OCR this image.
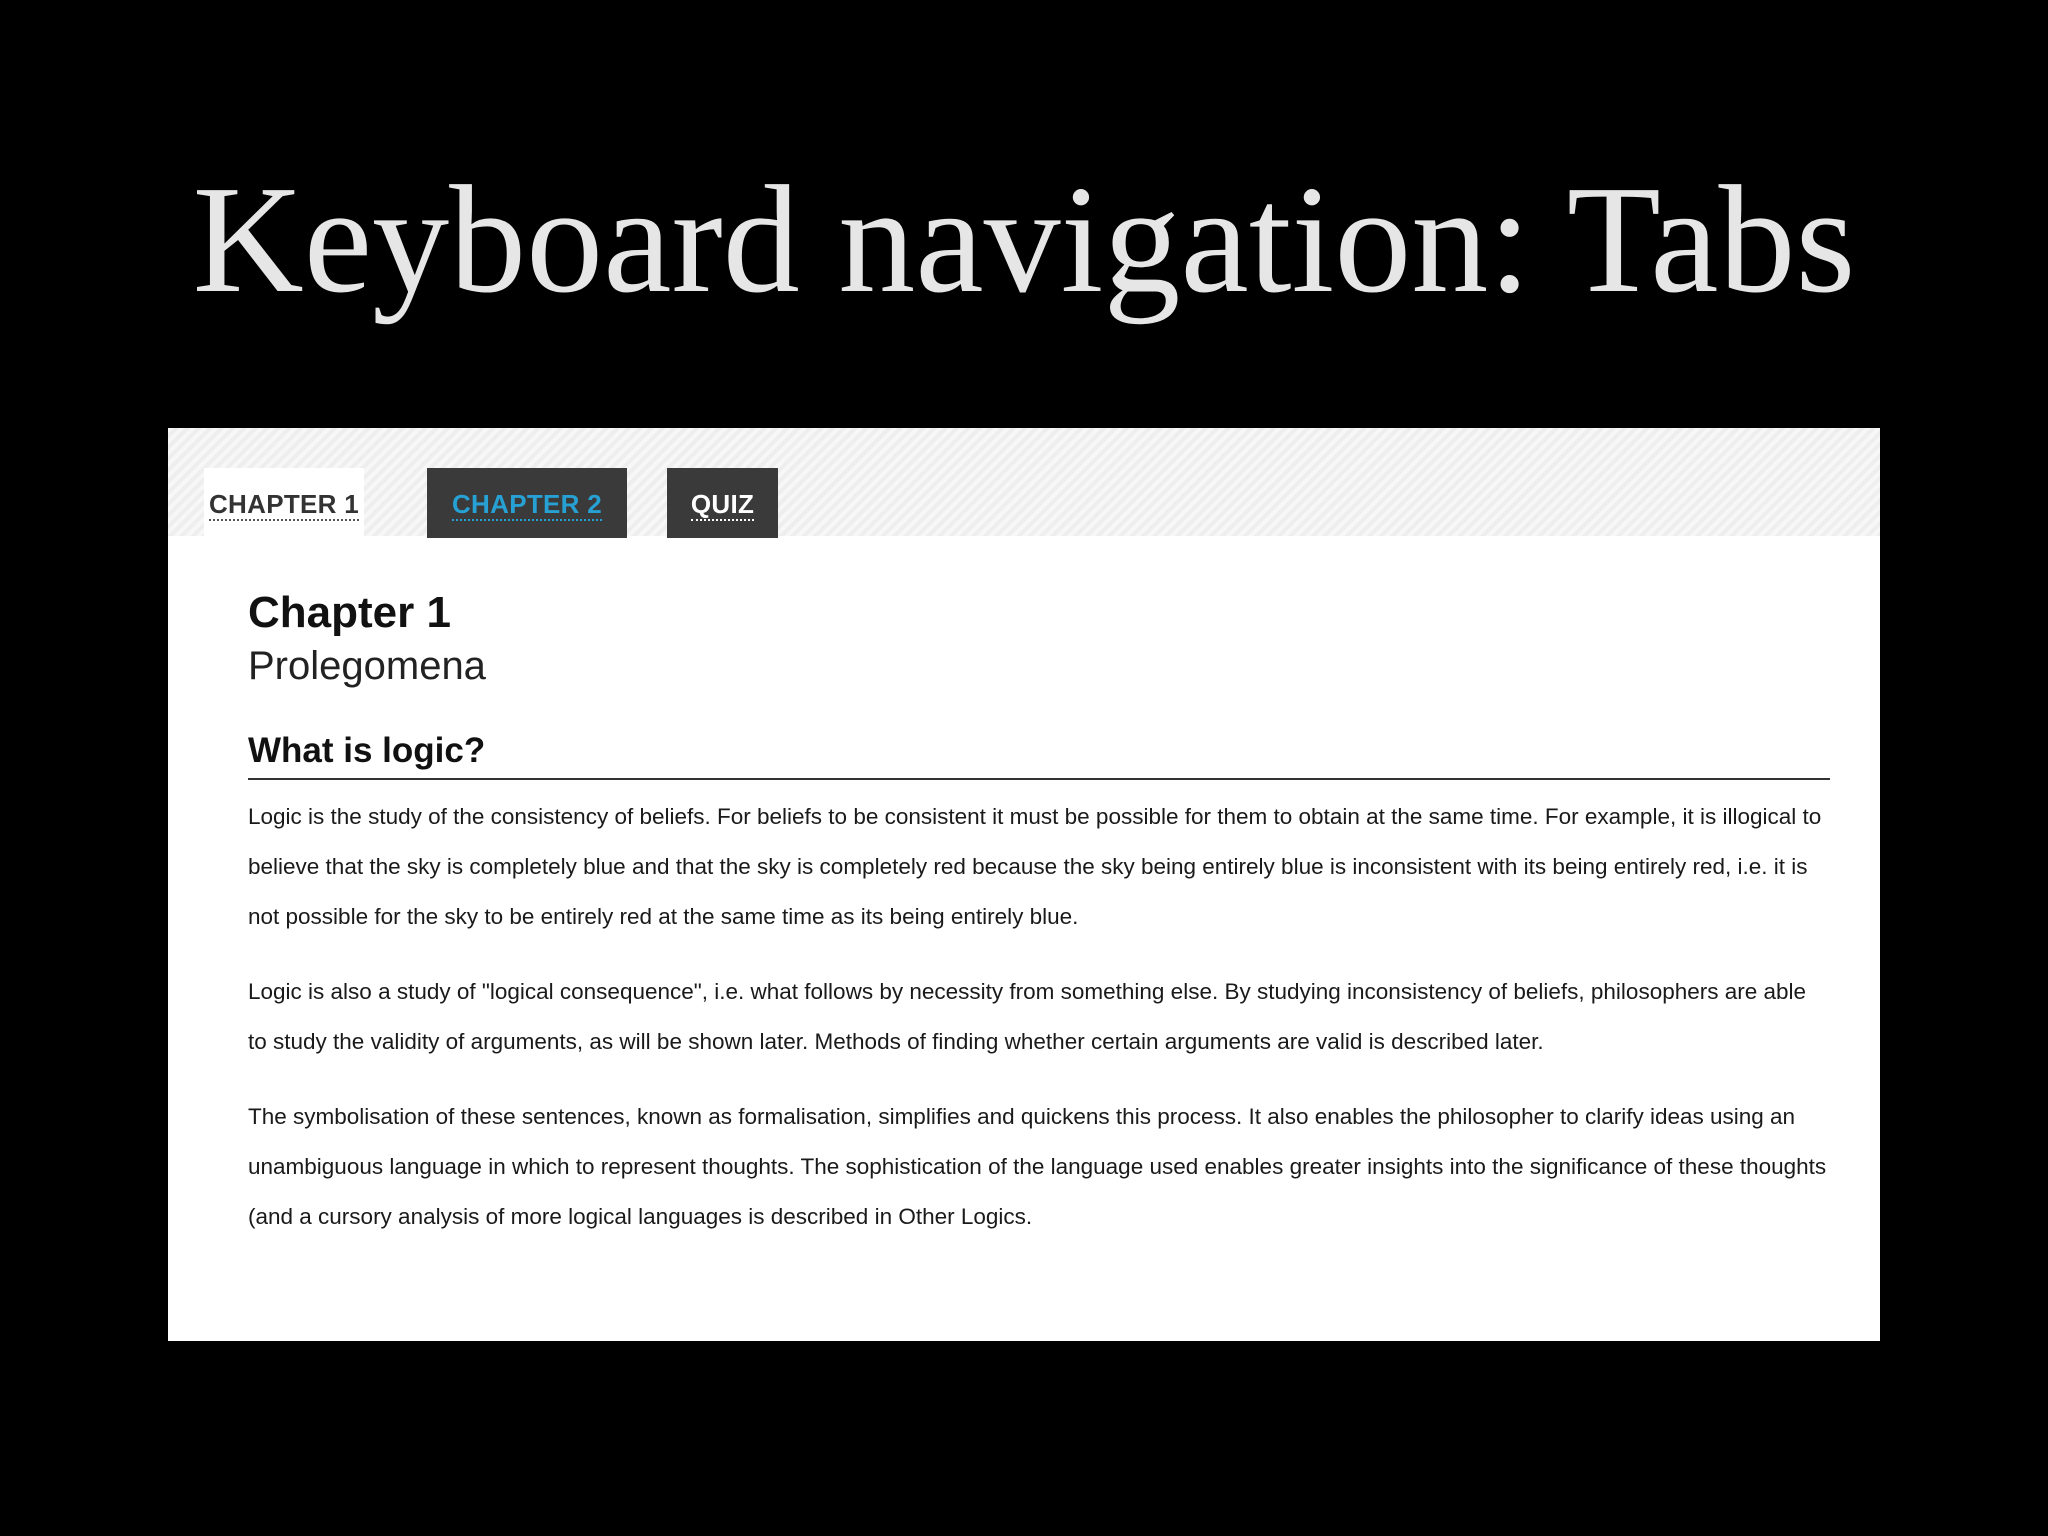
Keyboard navigation: Tabs
CHAPTER 1	CHAPTER 2	QUIZ
Chapter 1
Prolegomena
What is logic?

Logic is the study of the consistency of beliefs. For beliefs to be consistent it must be possible for them to obtain at the same time. For example, it is illogical to believe that the sky is completely blue and that the sky is completely red because the sky being entirely blue is inconsistent with its being entirely red, i.e. it is not possible for the sky to be entirely red at the same time as its being entirely blue.

Logic is also a study of "logical consequence", i.e. what follows by necessity from something else. By studying inconsistency of beliefs, philosophers are able to study the validity of arguments, as will be shown later. Methods of finding whether certain arguments are valid is described later.

The symbolisation of these sentences, known as formalisation, simplifies and quickens this process. It also enables the philosopher to clarify ideas using an unambiguous language in which to represent thoughts. The sophistication of the language used enables greater insights into the significance of these thoughts (and a cursory analysis of more logical languages is described in Other Logics.
